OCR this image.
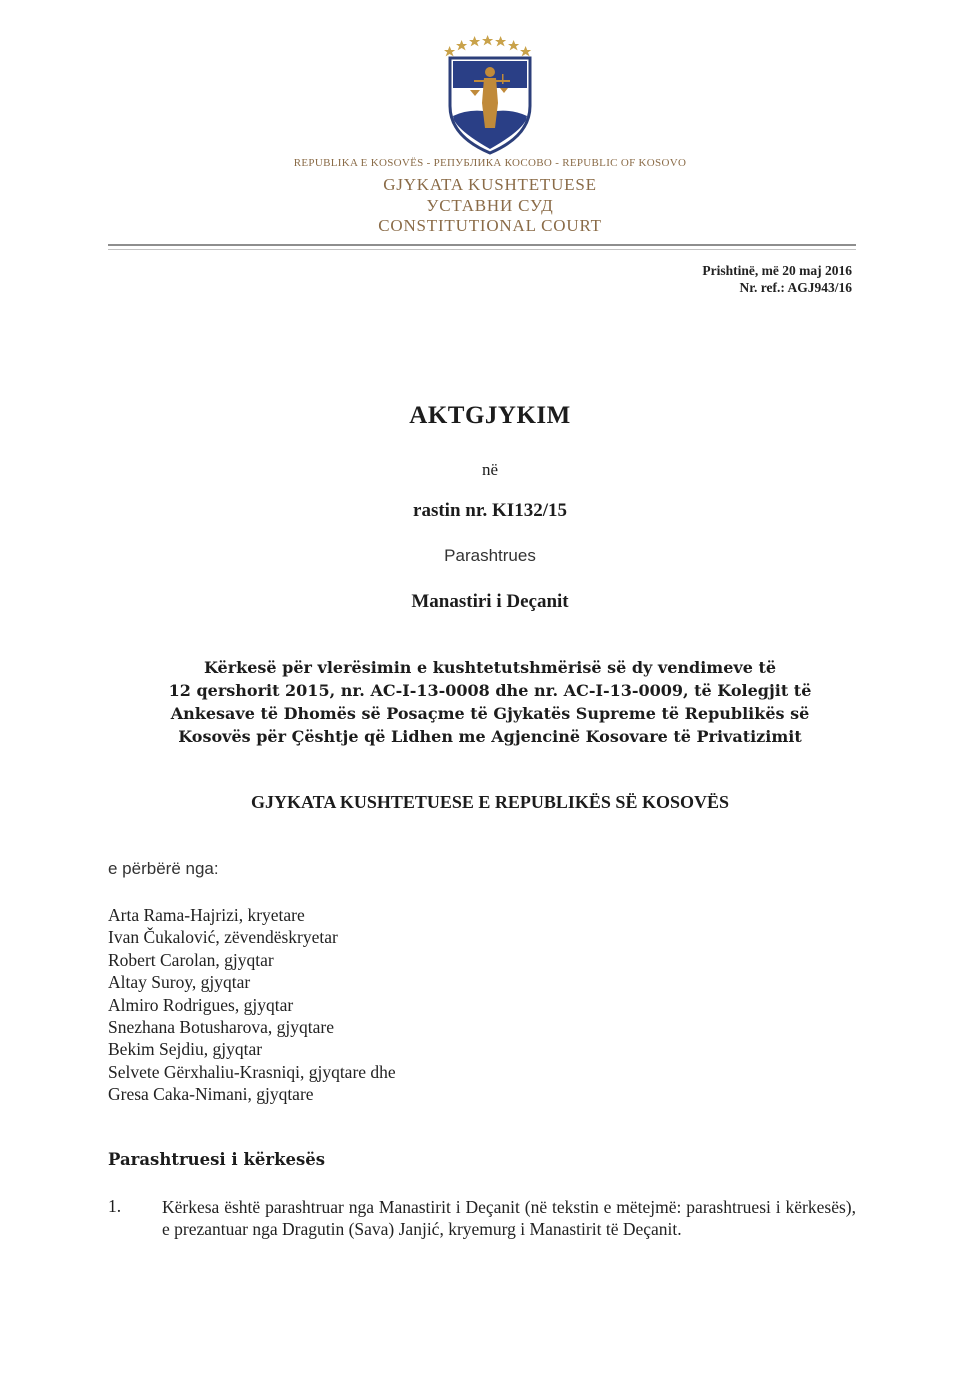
REPUBLIKA E KOSOVËS - РЕПУБЛИКА КОСОВО - REPUBLIC OF KOSOVO
GJYKATA KUSHTETUESE
УСТАВНИ СУД
CONSTITUTIONAL COURT
Prishtinë, më 20 maj 2016
Nr. ref.: AGJ943/16
AKTGJYKIM
në
rastin nr. KI132/15
Parashtrues
Manastiri i Deçanit
Kërkesë për vlerësimin e kushtetutshmërisë së dy vendimeve të
12 qershorit 2015, nr. AC-I-13-0008 dhe nr. AC-I-13-0009, të Kolegjit të
Ankesave të Dhomës së Posaçme të Gjykatës Supreme të Republikës së
Kosovës për Çështje që Lidhen me Agjencinë Kosovare të Privatizimit
GJYKATA KUSHTETUESE E REPUBLIKËS SË KOSOVËS
e përbërë nga:
Arta Rama-Hajrizi, kryetare
Ivan Čukalović, zëvendëskryetar
Robert Carolan, gjyqtar
Altay Suroy, gjyqtar
Almiro Rodrigues, gjyqtar
Snezhana Botusharova, gjyqtare
Bekim Sejdiu, gjyqtar
Selvete Gërxhaliu-Krasniqi, gjyqtare dhe
Gresa Caka-Nimani, gjyqtare
Parashtruesi i kërkesës
1. Kërkesa është parashtruar nga Manastirit i Deçanit (në tekstin e mëtejmë: parashtruesi i kërkesës), e prezantuar nga Dragutin (Sava) Janjić, kryemurg i Manastirit të Deçanit.
